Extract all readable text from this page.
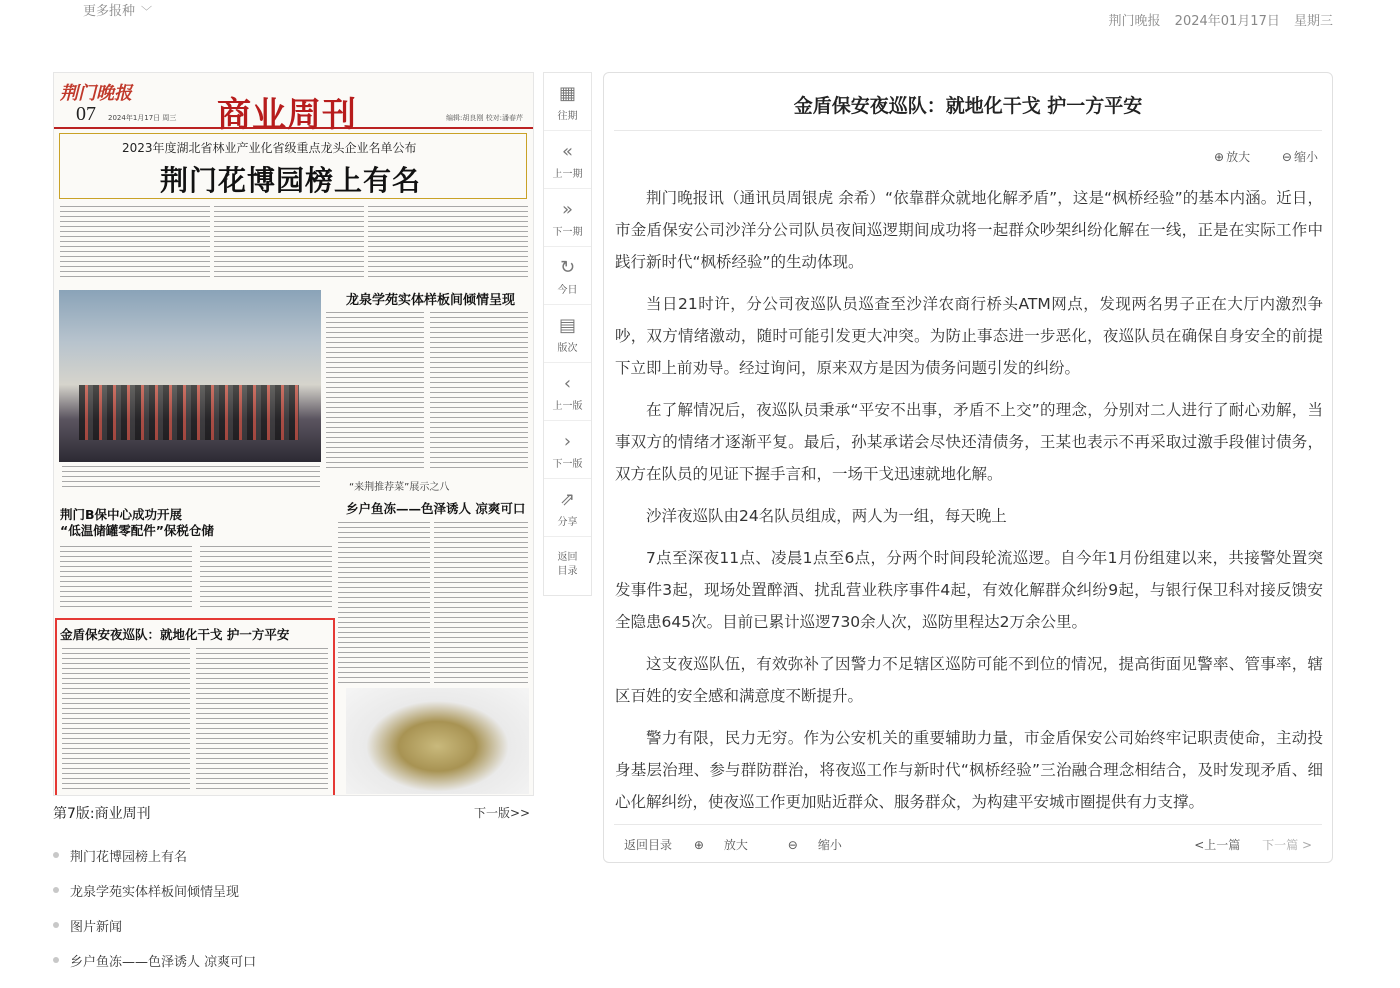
更多报种 ﹀
荆门晚报 2024年01月17日 星期三
荆门晚报
07 2024年1月17日 周三 商业周刊	编辑:胡良刚 校对:潘春芹
2023年度湖北省林业产业化省级重点龙头企业名单公布
荆门花博园榜上有名
龙泉学苑实体样板间倾情呈现
“来荆推荐菜”展示之八
乡户鱼冻——色泽诱人 凉爽可口
荆门B保中心成功开展
“低温储罐零配件”保税仓储
金盾保安夜巡队：就地化干戈 护一方平安
第7版:商业周刊	下一版>>
荆门花博园榜上有名
龙泉学苑实体样板间倾情呈现
图片新闻
乡户鱼冻——色泽诱人 凉爽可口
▦
往期
«
上一期
»
下一期
↻
今日
▤
版次
‹
上一版
›
下一版
⇗
分享
返回目录
金盾保安夜巡队：就地化干戈 护一方平安
⊕ 放大	⊖ 缩小

荆门晚报讯（通讯员周银虎 余希）“依靠群众就地化解矛盾”，这是“枫桥经验”的基本内涵。近日，市金盾保安公司沙洋分公司队员夜间巡逻期间成功将一起群众吵架纠纷化解在一线，正是在实际工作中践行新时代“枫桥经验”的生动体现。

当日21时许，分公司夜巡队员巡查至沙洋农商行桥头ATM网点，发现两名男子正在大厅内激烈争吵，双方情绪激动，随时可能引发更大冲突。为防止事态进一步恶化，夜巡队员在确保自身安全的前提下立即上前劝导。经过询问，原来双方是因为债务问题引发的纠纷。

在了解情况后，夜巡队员秉承“平安不出事，矛盾不上交”的理念，分别对二人进行了耐心劝解，当事双方的情绪才逐渐平复。最后，孙某承诺会尽快还清债务，王某也表示不再采取过激手段催讨债务，双方在队员的见证下握手言和，一场干戈迅速就地化解。

沙洋夜巡队由24名队员组成，两人为一组，每天晚上

7点至深夜11点、凌晨1点至6点，分两个时间段轮流巡逻。自今年1月份组建以来，共接警处置突发事件3起，现场处置醉酒、扰乱营业秩序事件4起，有效化解群众纠纷9起，与银行保卫科对接反馈安全隐患645次。目前已累计巡逻730余人次，巡防里程达2万余公里。

这支夜巡队伍，有效弥补了因警力不足辖区巡防可能不到位的情况，提高街面见警率、管事率，辖区百姓的安全感和满意度不断提升。

警力有限，民力无穷。作为公安机关的重要辅助力量，市金盾保安公司始终牢记职责使命，主动投身基层治理、参与群防群治，将夜巡工作与新时代“枫桥经验”三治融合理念相结合，及时发现矛盾、细心化解纠纷，使夜巡工作更加贴近群众、服务群众，为构建平安城市圈提供有力支撑。

返回目录 ⊕ 放大	⊖ 缩小	<上一篇 下一篇 >
